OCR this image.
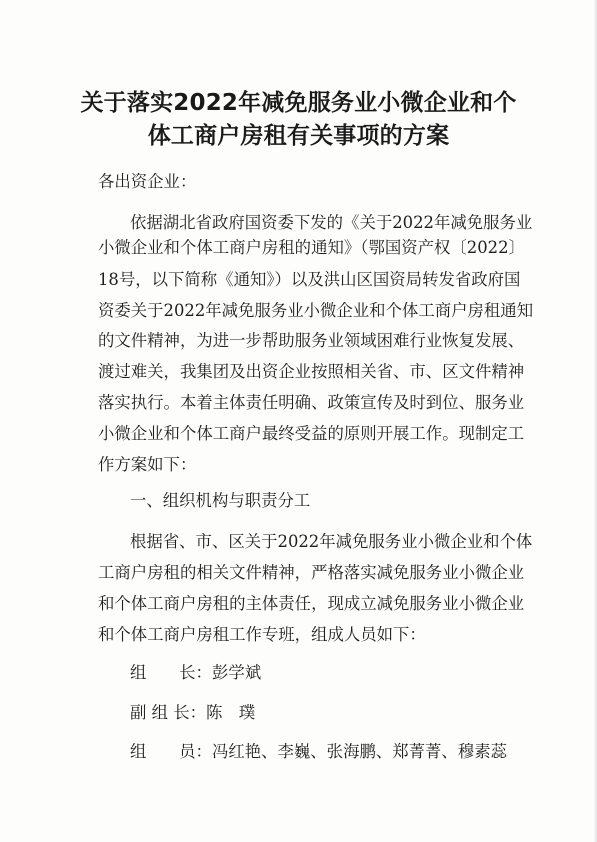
关于落实2022年减免服务业小微企业和个
体工商户房租有关事项的方案
各出资企业：
依据湖北省政府国资委下发的《关于2022年减免服务业
小微企业和个体工商户房租的通知》（鄂国资产权〔2022〕
18号，以下简称《通知》）以及洪山区国资局转发省政府国
资委关于2022年减免服务业小微企业和个体工商户房租通知
的文件精神，为进一步帮助服务业领域困难行业恢复发展、
渡过难关，我集团及出资企业按照相关省、市、区文件精神
落实执行。本着主体责任明确、政策宣传及时到位、服务业
小微企业和个体工商户最终受益的原则开展工作。现制定工
作方案如下：
一、组织机构与职责分工
根据省、市、区关于2022年减免服务业小微企业和个体
工商户房租的相关文件精神，严格落实减免服务业小微企业
和个体工商户房租的主体责任，现成立减免服务业小微企业
和个体工商户房租工作专班，组成人员如下：
组　　长：彭学斌
副 组 长：陈　璞
组　　员：冯红艳、李巍、张海鹏、郑菁菁、穆素蕊
